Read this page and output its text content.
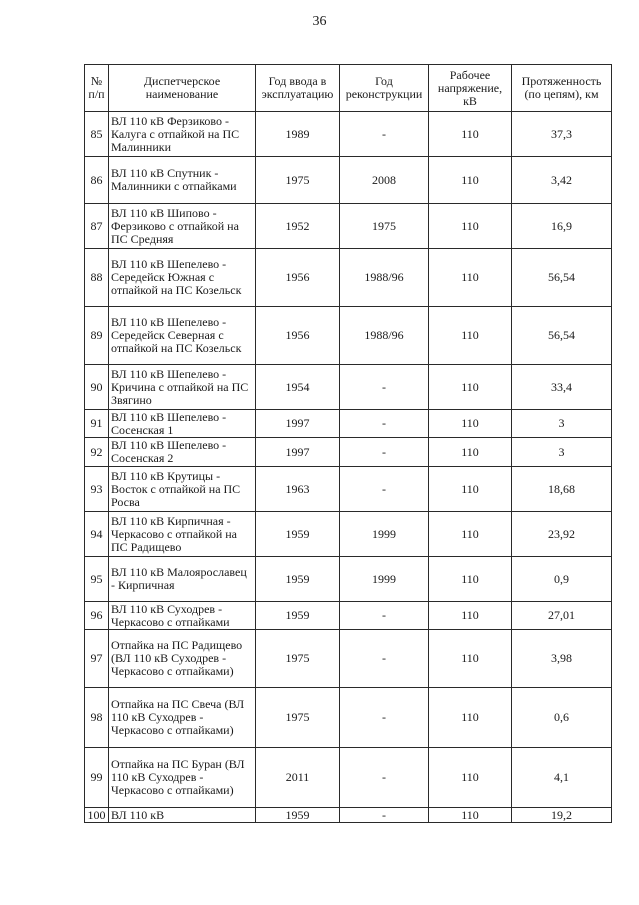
36
№ п/п	Диспетчерское наименование	Год ввода в эксплуатацию	Год реконструкции	Рабочее напряжение, кВ	Протяженность (по цепям), км
85	ВЛ 110 кВ Ферзиково - Калуга с отпайкой на ПС Малинники	1989	-	110	37,3
86	ВЛ 110 кВ Спутник - Малинники с отпайками	1975	2008	110	3,42
87	ВЛ 110 кВ Шипово - Ферзиково с отпайкой на ПС Средняя	1952	1975	110	16,9
88	ВЛ 110 кВ Шепелево - Середейск Южная с отпайкой на ПС Козельск	1956	1988/96	110	56,54
89	ВЛ 110 кВ Шепелево - Середейск Северная с отпайкой на ПС Козельск	1956	1988/96	110	56,54
90	ВЛ 110 кВ Шепелево - Кричина с отпайкой на ПС Звягино	1954	-	110	33,4
91	ВЛ 110 кВ Шепелево - Сосенская 1	1997	-	110	3
92	ВЛ 110 кВ Шепелево - Сосенская 2	1997	-	110	3
93	ВЛ 110 кВ Крутицы - Восток с отпайкой на ПС Росва	1963	-	110	18,68
94	ВЛ 110 кВ Кирпичная - Черкасово с отпайкой на ПС Радищево	1959	1999	110	23,92
95	ВЛ 110 кВ Малоярославец - Кирпичная	1959	1999	110	0,9
96	ВЛ 110 кВ Суходрев - Черкасово с отпайками	1959	-	110	27,01
97	Отпайка на ПС Радищево (ВЛ 110 кВ Суходрев - Черкасово с отпайками)	1975	-	110	3,98
98	Отпайка на ПС Свеча (ВЛ 110 кВ Суходрев - Черкасово с отпайками)	1975	-	110	0,6
99	Отпайка на ПС Буран (ВЛ 110 кВ Суходрев - Черкасово с отпайками)	2011	-	110	4,1
100	ВЛ 110 кВ	1959	-	110	19,2
